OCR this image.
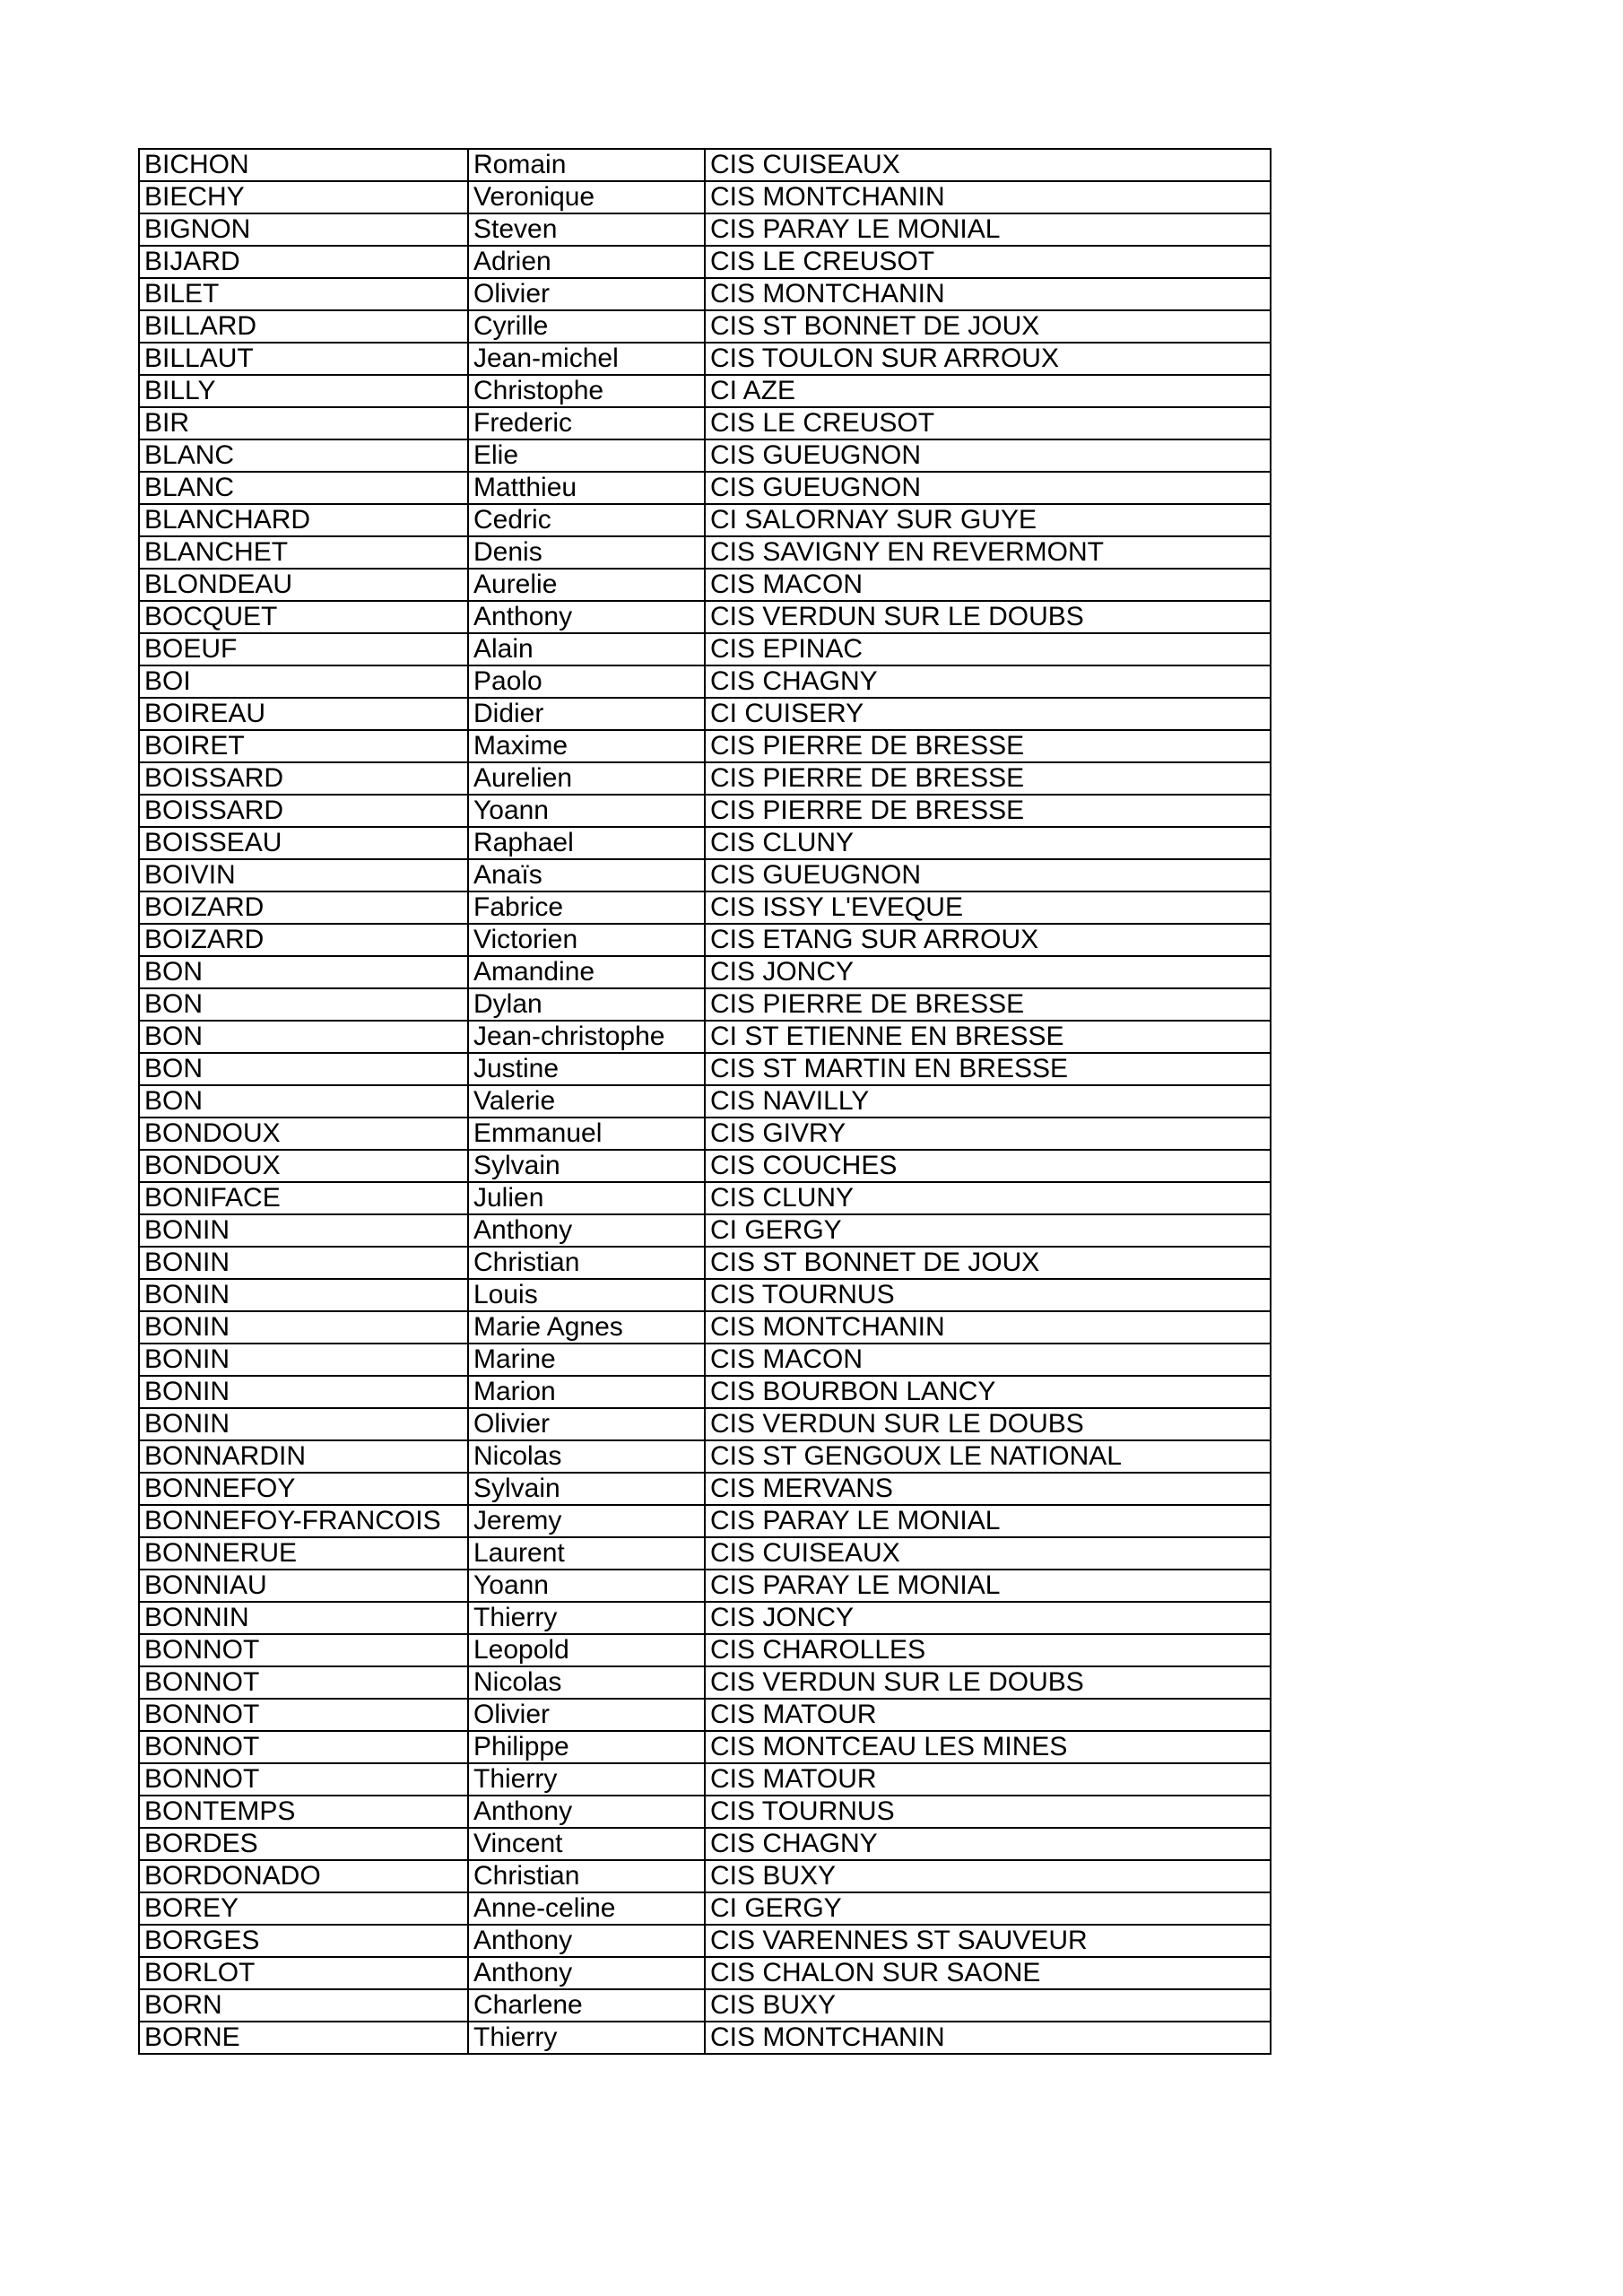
BICHON	Romain	CIS CUISEAUX
BIECHY	Veronique	CIS MONTCHANIN
BIGNON	Steven	CIS PARAY LE MONIAL
BIJARD	Adrien	CIS LE CREUSOT
BILET	Olivier	CIS MONTCHANIN
BILLARD	Cyrille	CIS ST BONNET DE JOUX
BILLAUT	Jean-michel	CIS TOULON SUR ARROUX
BILLY	Christophe	CI AZE
BIR	Frederic	CIS LE CREUSOT
BLANC	Elie	CIS GUEUGNON
BLANC	Matthieu	CIS GUEUGNON
BLANCHARD	Cedric	CI SALORNAY SUR GUYE
BLANCHET	Denis	CIS SAVIGNY EN REVERMONT
BLONDEAU	Aurelie	CIS MACON
BOCQUET	Anthony	CIS VERDUN SUR LE DOUBS
BOEUF	Alain	CIS EPINAC
BOI	Paolo	CIS CHAGNY
BOIREAU	Didier	CI CUISERY
BOIRET	Maxime	CIS PIERRE DE BRESSE
BOISSARD	Aurelien	CIS PIERRE DE BRESSE
BOISSARD	Yoann	CIS PIERRE DE BRESSE
BOISSEAU	Raphael	CIS CLUNY
BOIVIN	Anaïs	CIS GUEUGNON
BOIZARD	Fabrice	CIS ISSY L'EVEQUE
BOIZARD	Victorien	CIS ETANG SUR ARROUX
BON	Amandine	CIS JONCY
BON	Dylan	CIS PIERRE DE BRESSE
BON	Jean-christophe	CI ST ETIENNE EN BRESSE
BON	Justine	CIS ST MARTIN EN BRESSE
BON	Valerie	CIS NAVILLY
BONDOUX	Emmanuel	CIS GIVRY
BONDOUX	Sylvain	CIS COUCHES
BONIFACE	Julien	CIS CLUNY
BONIN	Anthony	CI GERGY
BONIN	Christian	CIS ST BONNET DE JOUX
BONIN	Louis	CIS TOURNUS
BONIN	Marie Agnes	CIS MONTCHANIN
BONIN	Marine	CIS MACON
BONIN	Marion	CIS BOURBON LANCY
BONIN	Olivier	CIS VERDUN SUR LE DOUBS
BONNARDIN	Nicolas	CIS ST GENGOUX LE NATIONAL
BONNEFOY	Sylvain	CIS MERVANS
BONNEFOY-FRANCOIS	Jeremy	CIS PARAY LE MONIAL
BONNERUE	Laurent	CIS CUISEAUX
BONNIAU	Yoann	CIS PARAY LE MONIAL
BONNIN	Thierry	CIS JONCY
BONNOT	Leopold	CIS CHAROLLES
BONNOT	Nicolas	CIS VERDUN SUR LE DOUBS
BONNOT	Olivier	CIS MATOUR
BONNOT	Philippe	CIS MONTCEAU LES MINES
BONNOT	Thierry	CIS MATOUR
BONTEMPS	Anthony	CIS TOURNUS
BORDES	Vincent	CIS CHAGNY
BORDONADO	Christian	CIS BUXY
BOREY	Anne-celine	CI GERGY
BORGES	Anthony	CIS VARENNES ST SAUVEUR
BORLOT	Anthony	CIS CHALON SUR SAONE
BORN	Charlene	CIS BUXY
BORNE	Thierry	CIS MONTCHANIN
